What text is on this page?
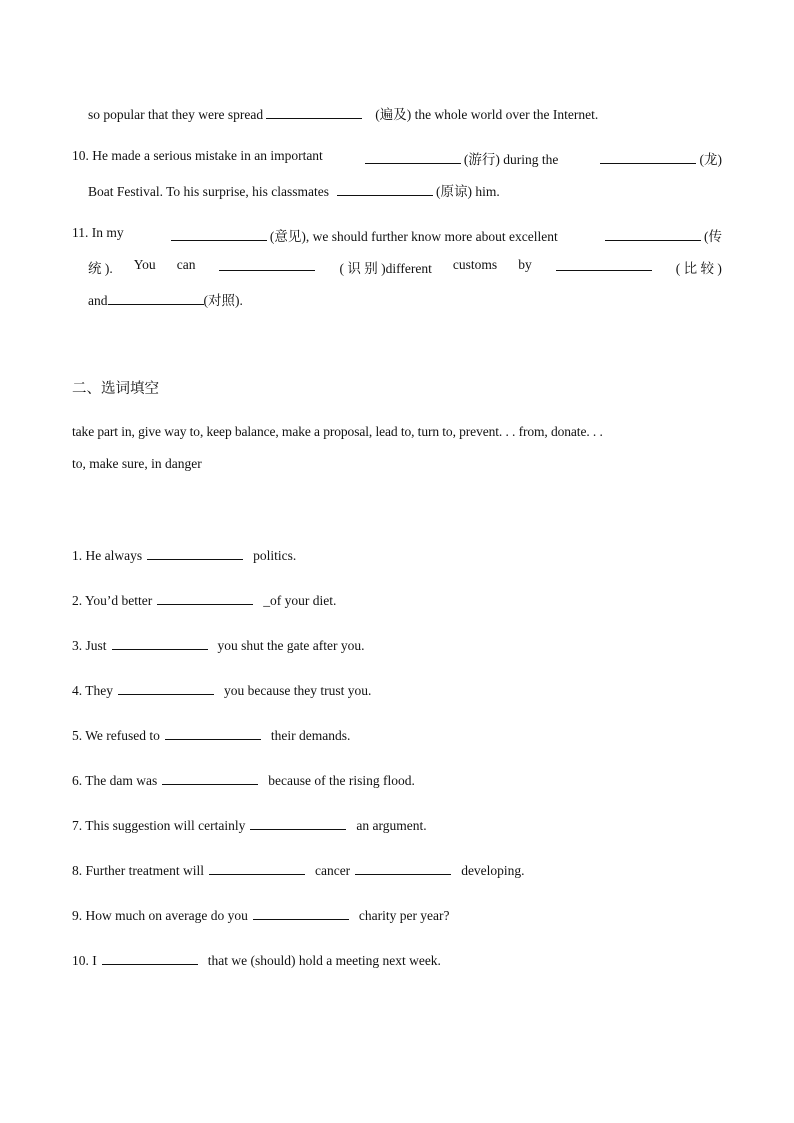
so popular that they were spread	(遍及) the whole world over the Internet.
10. He made a serious mistake in an important	(游行) during the	(龙)
Boat Festival. To his surprise, his classmates	(原谅) him.
11. In my	(意见), we should further know more about excellent	(传
统 ). You can	( 识 别 )different customs by	( 比 较 )
and	(对照).
二、选词填空
take part in, give way to, keep balance, make a proposal, lead to, turn to, prevent. . . from, donate. . .
to, make sure, in danger
1. He always	politics.
2. You’d better	_of your diet.
3. Just	you shut the gate after you.
4. They	you because they trust you.
5. We refused to	their demands.
6. The dam was	because of the rising flood.
7. This suggestion will certainly	an argument.
8. Further treatment will	cancer	developing.
9. How much on average do you	charity per year?
10. I	that we (should) hold a meeting next week.
